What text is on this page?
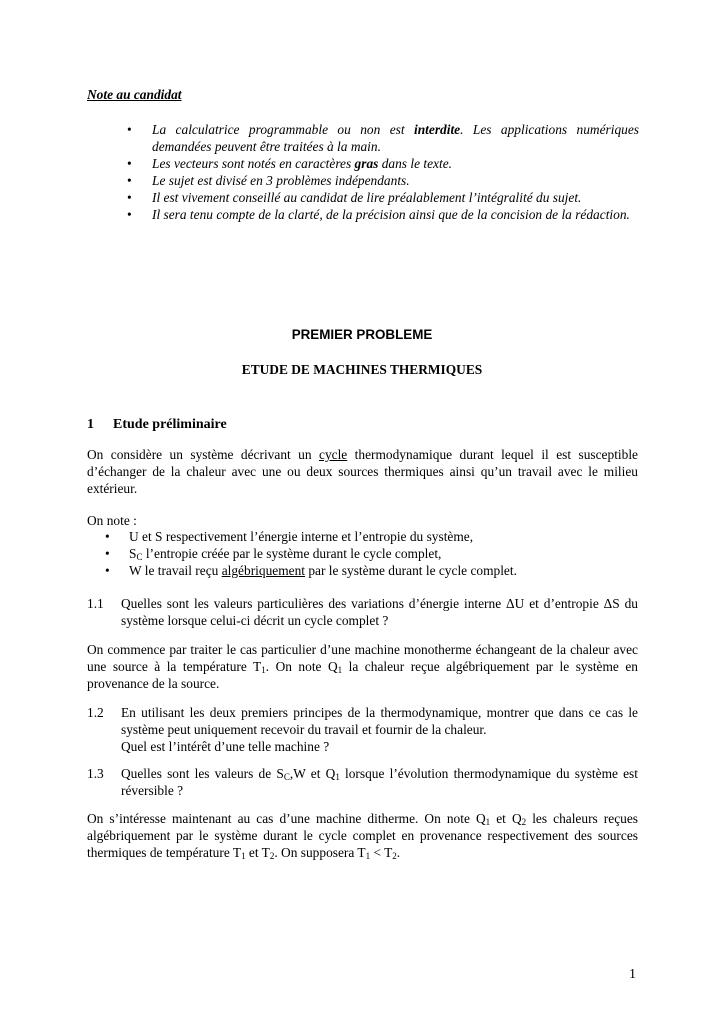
Note au candidat
• La calculatrice programmable ou non est interdite. Les applications numériques demandées peuvent être traitées à la main.
• Les vecteurs sont notés en caractères gras dans le texte.
• Le sujet est divisé en 3 problèmes indépendants.
• Il est vivement conseillé au candidat de lire préalablement l’intégralité du sujet.
• Il sera tenu compte de la clarté, de la précision ainsi que de la concision de la rédaction.
PREMIER PROBLEME
ETUDE DE MACHINES THERMIQUES
1 Etude préliminaire
On considère un système décrivant un cycle thermodynamique durant lequel il est susceptible d’échanger de la chaleur avec une ou deux sources thermiques ainsi qu’un travail avec le milieu extérieur.
On note :
• U et S respectivement l’énergie interne et l’entropie du système,
• $S_C$ l’entropie créée par le système durant le cycle complet,
• W le travail reçu algébriquement par le système durant le cycle complet.
1.1 Quelles sont les valeurs particulières des variations d’énergie interne ΔU et d’entropie ΔS du système lorsque celui-ci décrit un cycle complet ?
On commence par traiter le cas particulier d’une machine monotherme échangeant de la chaleur avec une source à la température $T_1$. On note $Q_1$ la chaleur reçue algébriquement par le système en provenance de la source.
1.2 En utilisant les deux premiers principes de la thermodynamique, montrer que dans ce cas le système peut uniquement recevoir du travail et fournir de la chaleur.
Quel est l’intérêt d’une telle machine ?
1.3 Quelles sont les valeurs de $S_C,W$ et $Q_1$ lorsque l’évolution thermodynamique du système est réversible ?
On s’intéresse maintenant au cas d’une machine ditherme. On note $Q_1$ et $Q_2$ les chaleurs reçues algébriquement par le système durant le cycle complet en provenance respectivement des sources thermiques de température $T_1$ et $T_2$. On supposera $T_1 < T_2$.
1
